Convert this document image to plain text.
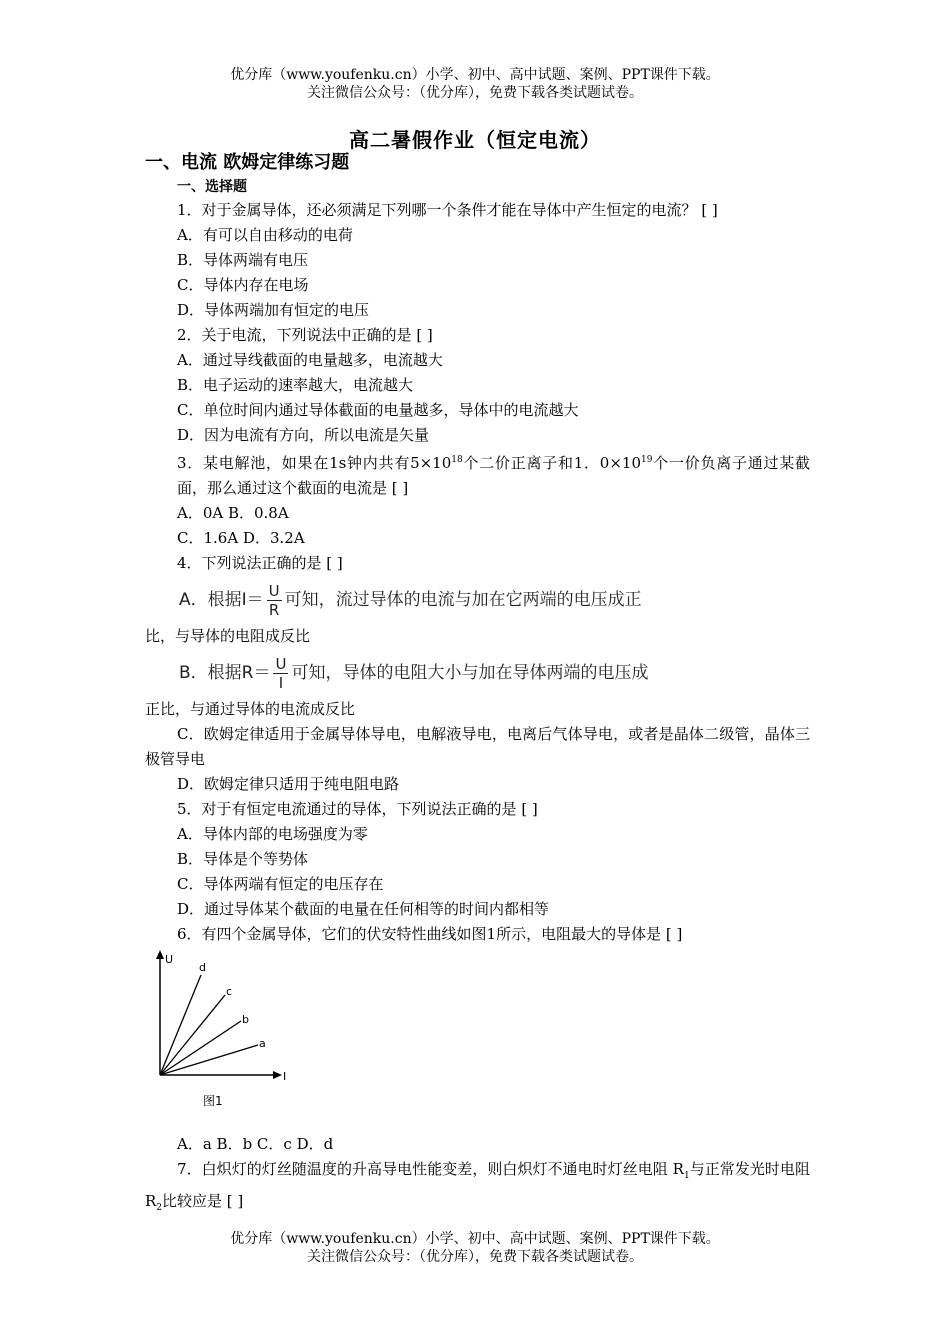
优分库（www.youfenku.cn）小学、初中、高中试题、案例、PPT课件下载。
关注微信公众号：（优分库），免费下载各类试题试卷。
高二暑假作业（恒定电流）
一、电流 欧姆定律练习题
一、选择题
1．对于金属导体，还必须满足下列哪一个条件才能在导体中产生恒定的电流？ [ ]
A．有可以自由移动的电荷
B．导体两端有电压
C．导体内存在电场
D．导体两端加有恒定的电压
2．关于电流，下列说法中正确的是 [ ]
A．通过导线截面的电量越多，电流越大
B．电子运动的速率越大，电流越大
C．单位时间内通过导体截面的电量越多，导体中的电流越大
D．因为电流有方向，所以电流是矢量
3．某电解池，如果在1s钟内共有$5\times 10^{18}$个二价正离子和1．$0\times 10^{19}$个一价负离子通过某截面，那么通过这个截面的电流是 [ ]
A．0A B．0.8A
C．1.6A D．3.2A
4．下列说法正确的是 [ ]
A．根据$I= \frac{U}{R}$ 可知，流过导体的电流与加在它两端的电压成正
比，与导体的电阻成反比
B．根据$R= \frac{U}{I}$ 可知，导体的电阻大小与加在导体两端的电压成
正比，与通过导体的电流成反比
C．欧姆定律适用于金属导体导电，电解液导电，电离后气体导电，或者是晶体二级管，晶体三极管导电
D．欧姆定律只适用于纯电阻电路
5．对于有恒定电流通过的导体，下列说法正确的是 [ ]
A．导体内部的电场强度为零
B．导体是个等势体
C．导体两端有恒定的电压存在
D．通过导体某个截面的电量在任何相等的时间内都相等
6．有四个金属导体，它们的伏安特性曲线如图1所示，电阻最大的导体是 [ ]
U
I
a
b
c
d
图1
A．a B．b C．c D．d
7．白炽灯的灯丝随温度的升高导电性能变差，则白炽灯不通电时灯丝电阻 $R_1$与正常发光时电阻 $R_2$比较应是 [ ]
优分库（www.youfenku.cn）小学、初中、高中试题、案例、PPT课件下载。
关注微信公众号：（优分库），免费下载各类试题试卷。
